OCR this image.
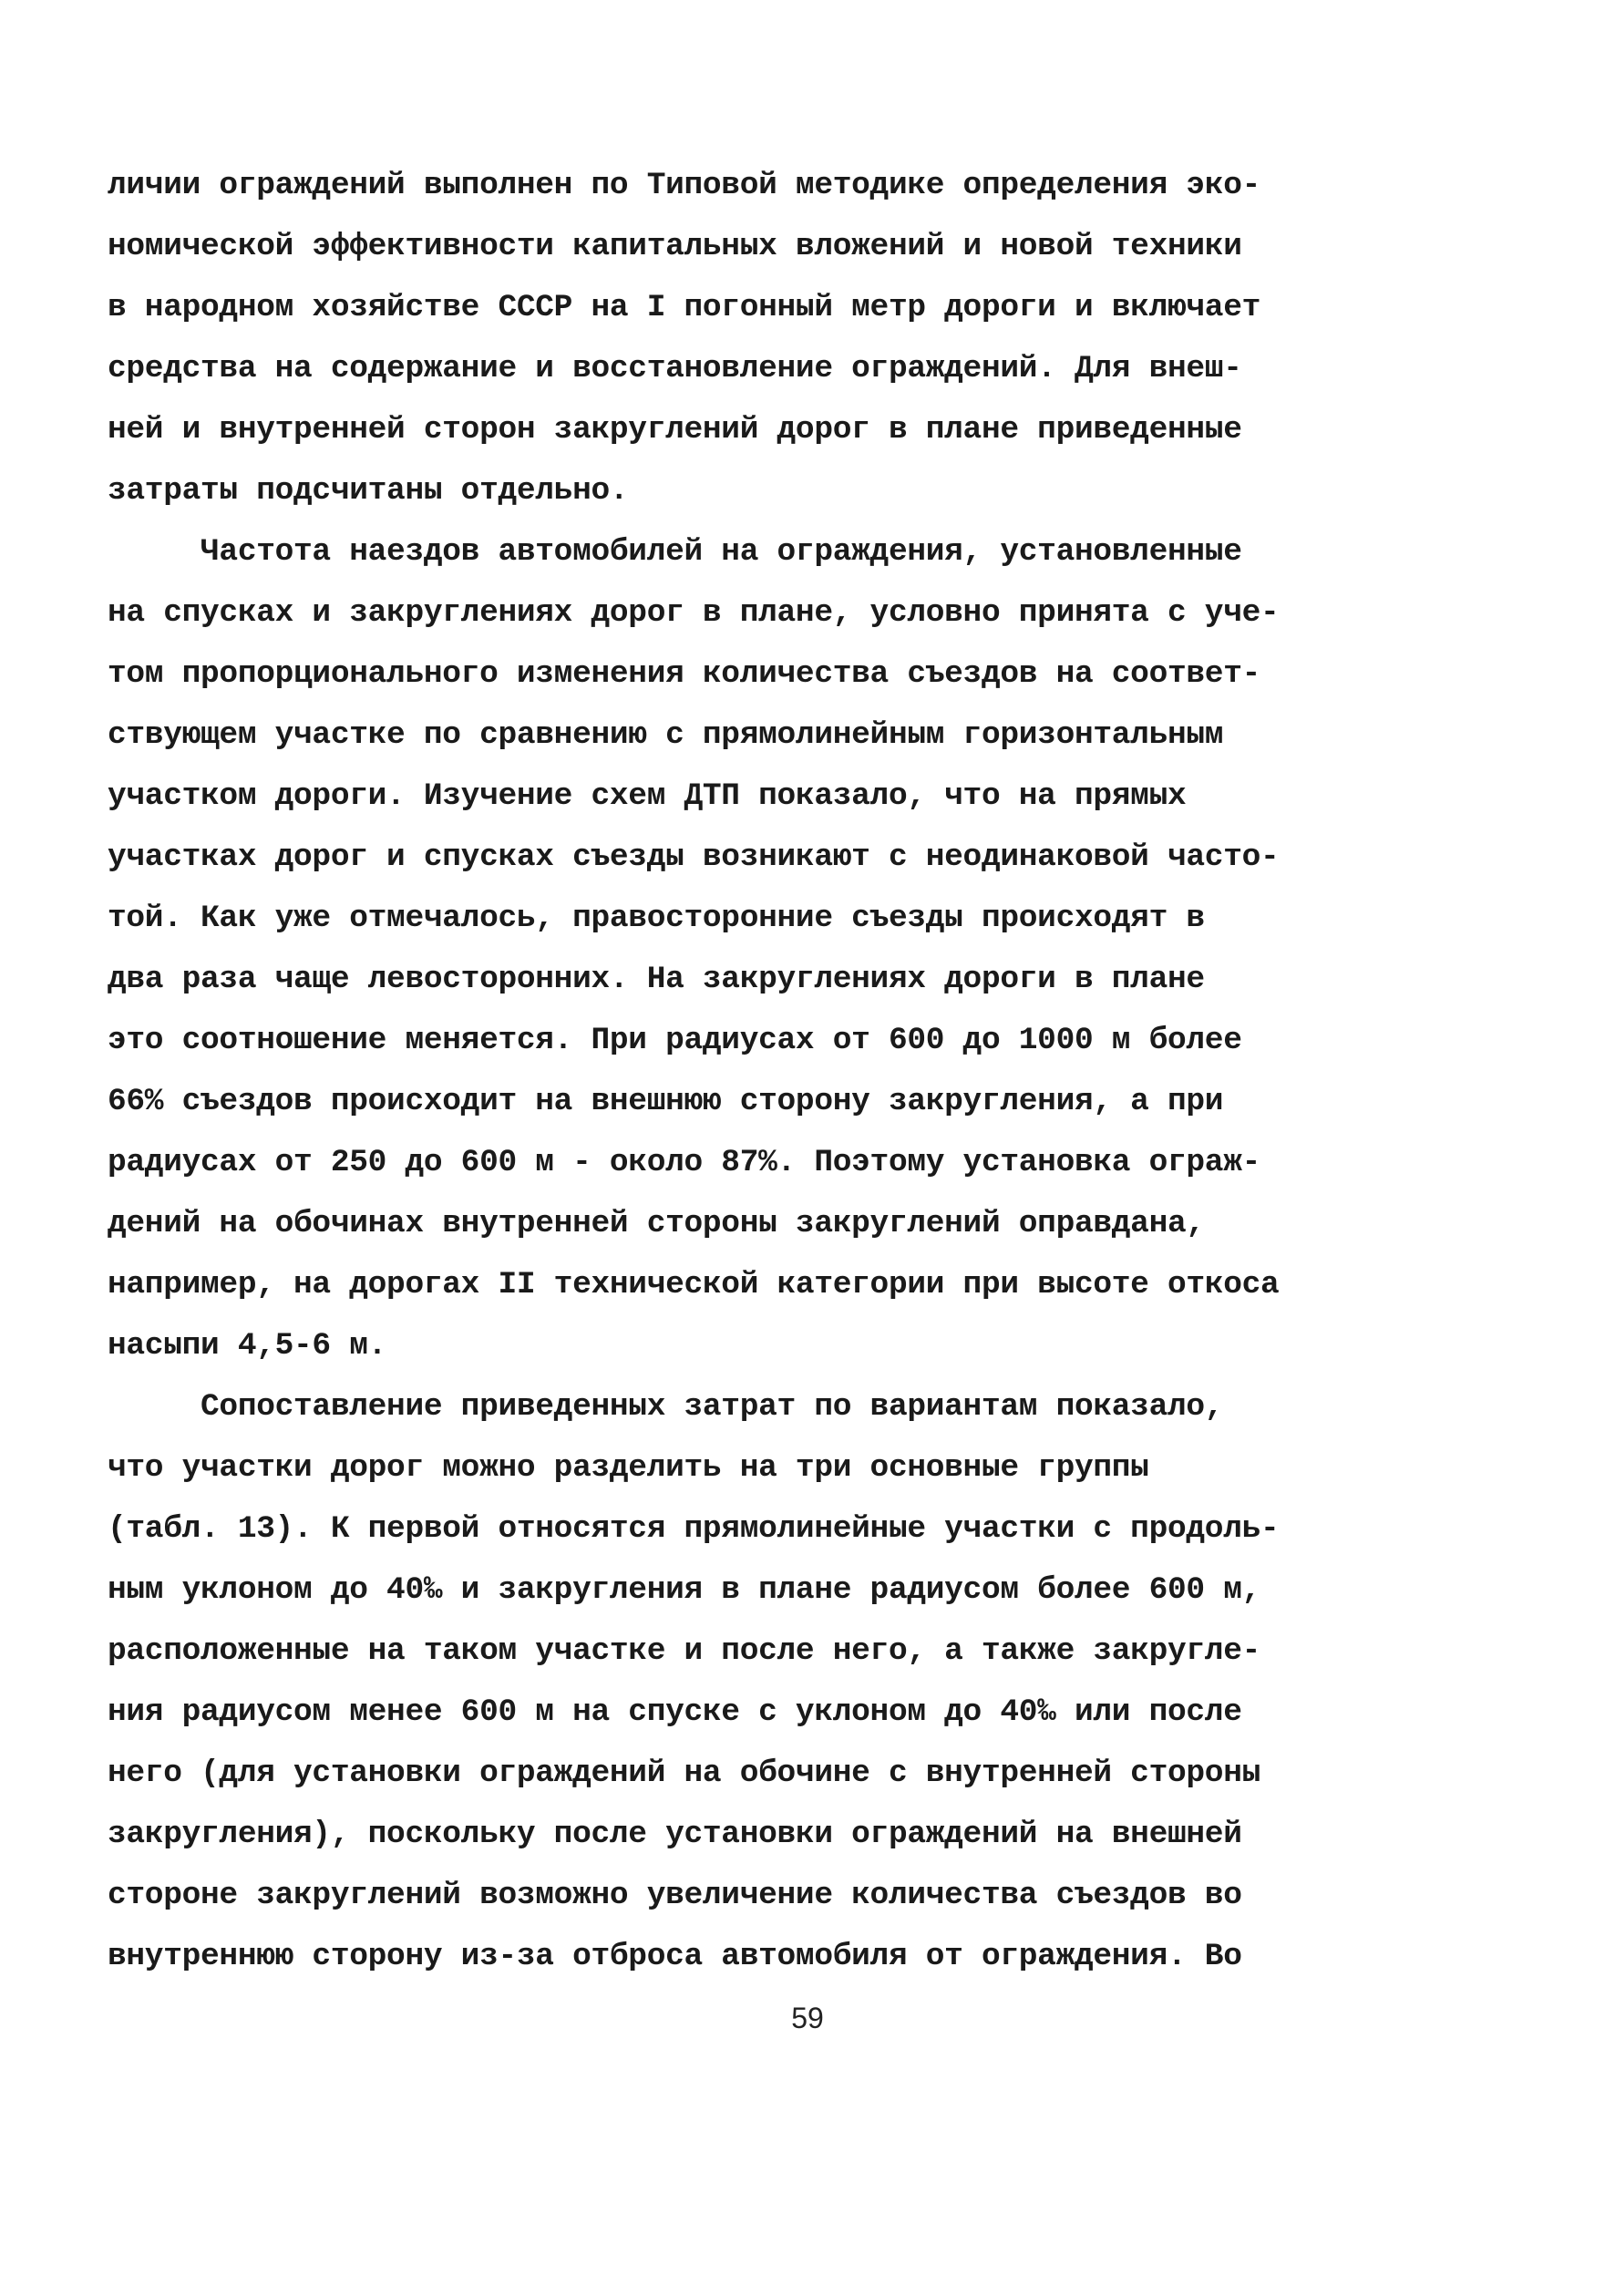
личии ограждений выполнен по Типовой методике определения эко-
номической эффективности капитальных вложений и новой техники
в народном хозяйстве СССР на I погонный метр дороги и включает
средства на содержание и восстановление ограждений. Для внеш-
ней и внутренней сторон закруглений дорог в плане приведенные
затраты подсчитаны отдельно.
Частота наездов автомобилей на ограждения, установленные
на спусках и закруглениях дорог в плане, условно принята с уче-
том пропорционального изменения количества съездов на соответ-
ствующем участке по сравнению с прямолинейным горизонтальным
участком дороги. Изучение схем ДТП показало, что на прямых
участках дорог и спусках съезды возникают с неодинаковой часто-
той. Как уже отмечалось, правосторонние съезды происходят в
два раза чаще левосторонних. На закруглениях дороги в плане
это соотношение меняется. При радиусах от 600 до 1000 м более
66% съездов происходит на внешнюю сторону закругления, а при
радиусах от 250 до 600 м - около 87%. Поэтому установка ограж-
дений на обочинах внутренней стороны закруглений оправдана,
например, на дорогах II технической категории при высоте откоса
насыпи 4,5-6 м.
Сопоставление приведенных затрат по вариантам показало,
что участки дорог можно разделить на три основные группы
(табл. 13). К первой относятся прямолинейные участки с продоль-
ным уклоном до 40‰ и закругления в плане радиусом более 600 м,
расположенные на таком участке и после него, а также закругле-
ния радиусом менее 600 м на спуске с уклоном до 40‰ или после
него (для установки ограждений на обочине с внутренней стороны
закругления), поскольку после установки ограждений на внешней
стороне закруглений возможно увеличение количества съездов во
внутреннюю сторону из-за отброса автомобиля от ограждения. Во
59
